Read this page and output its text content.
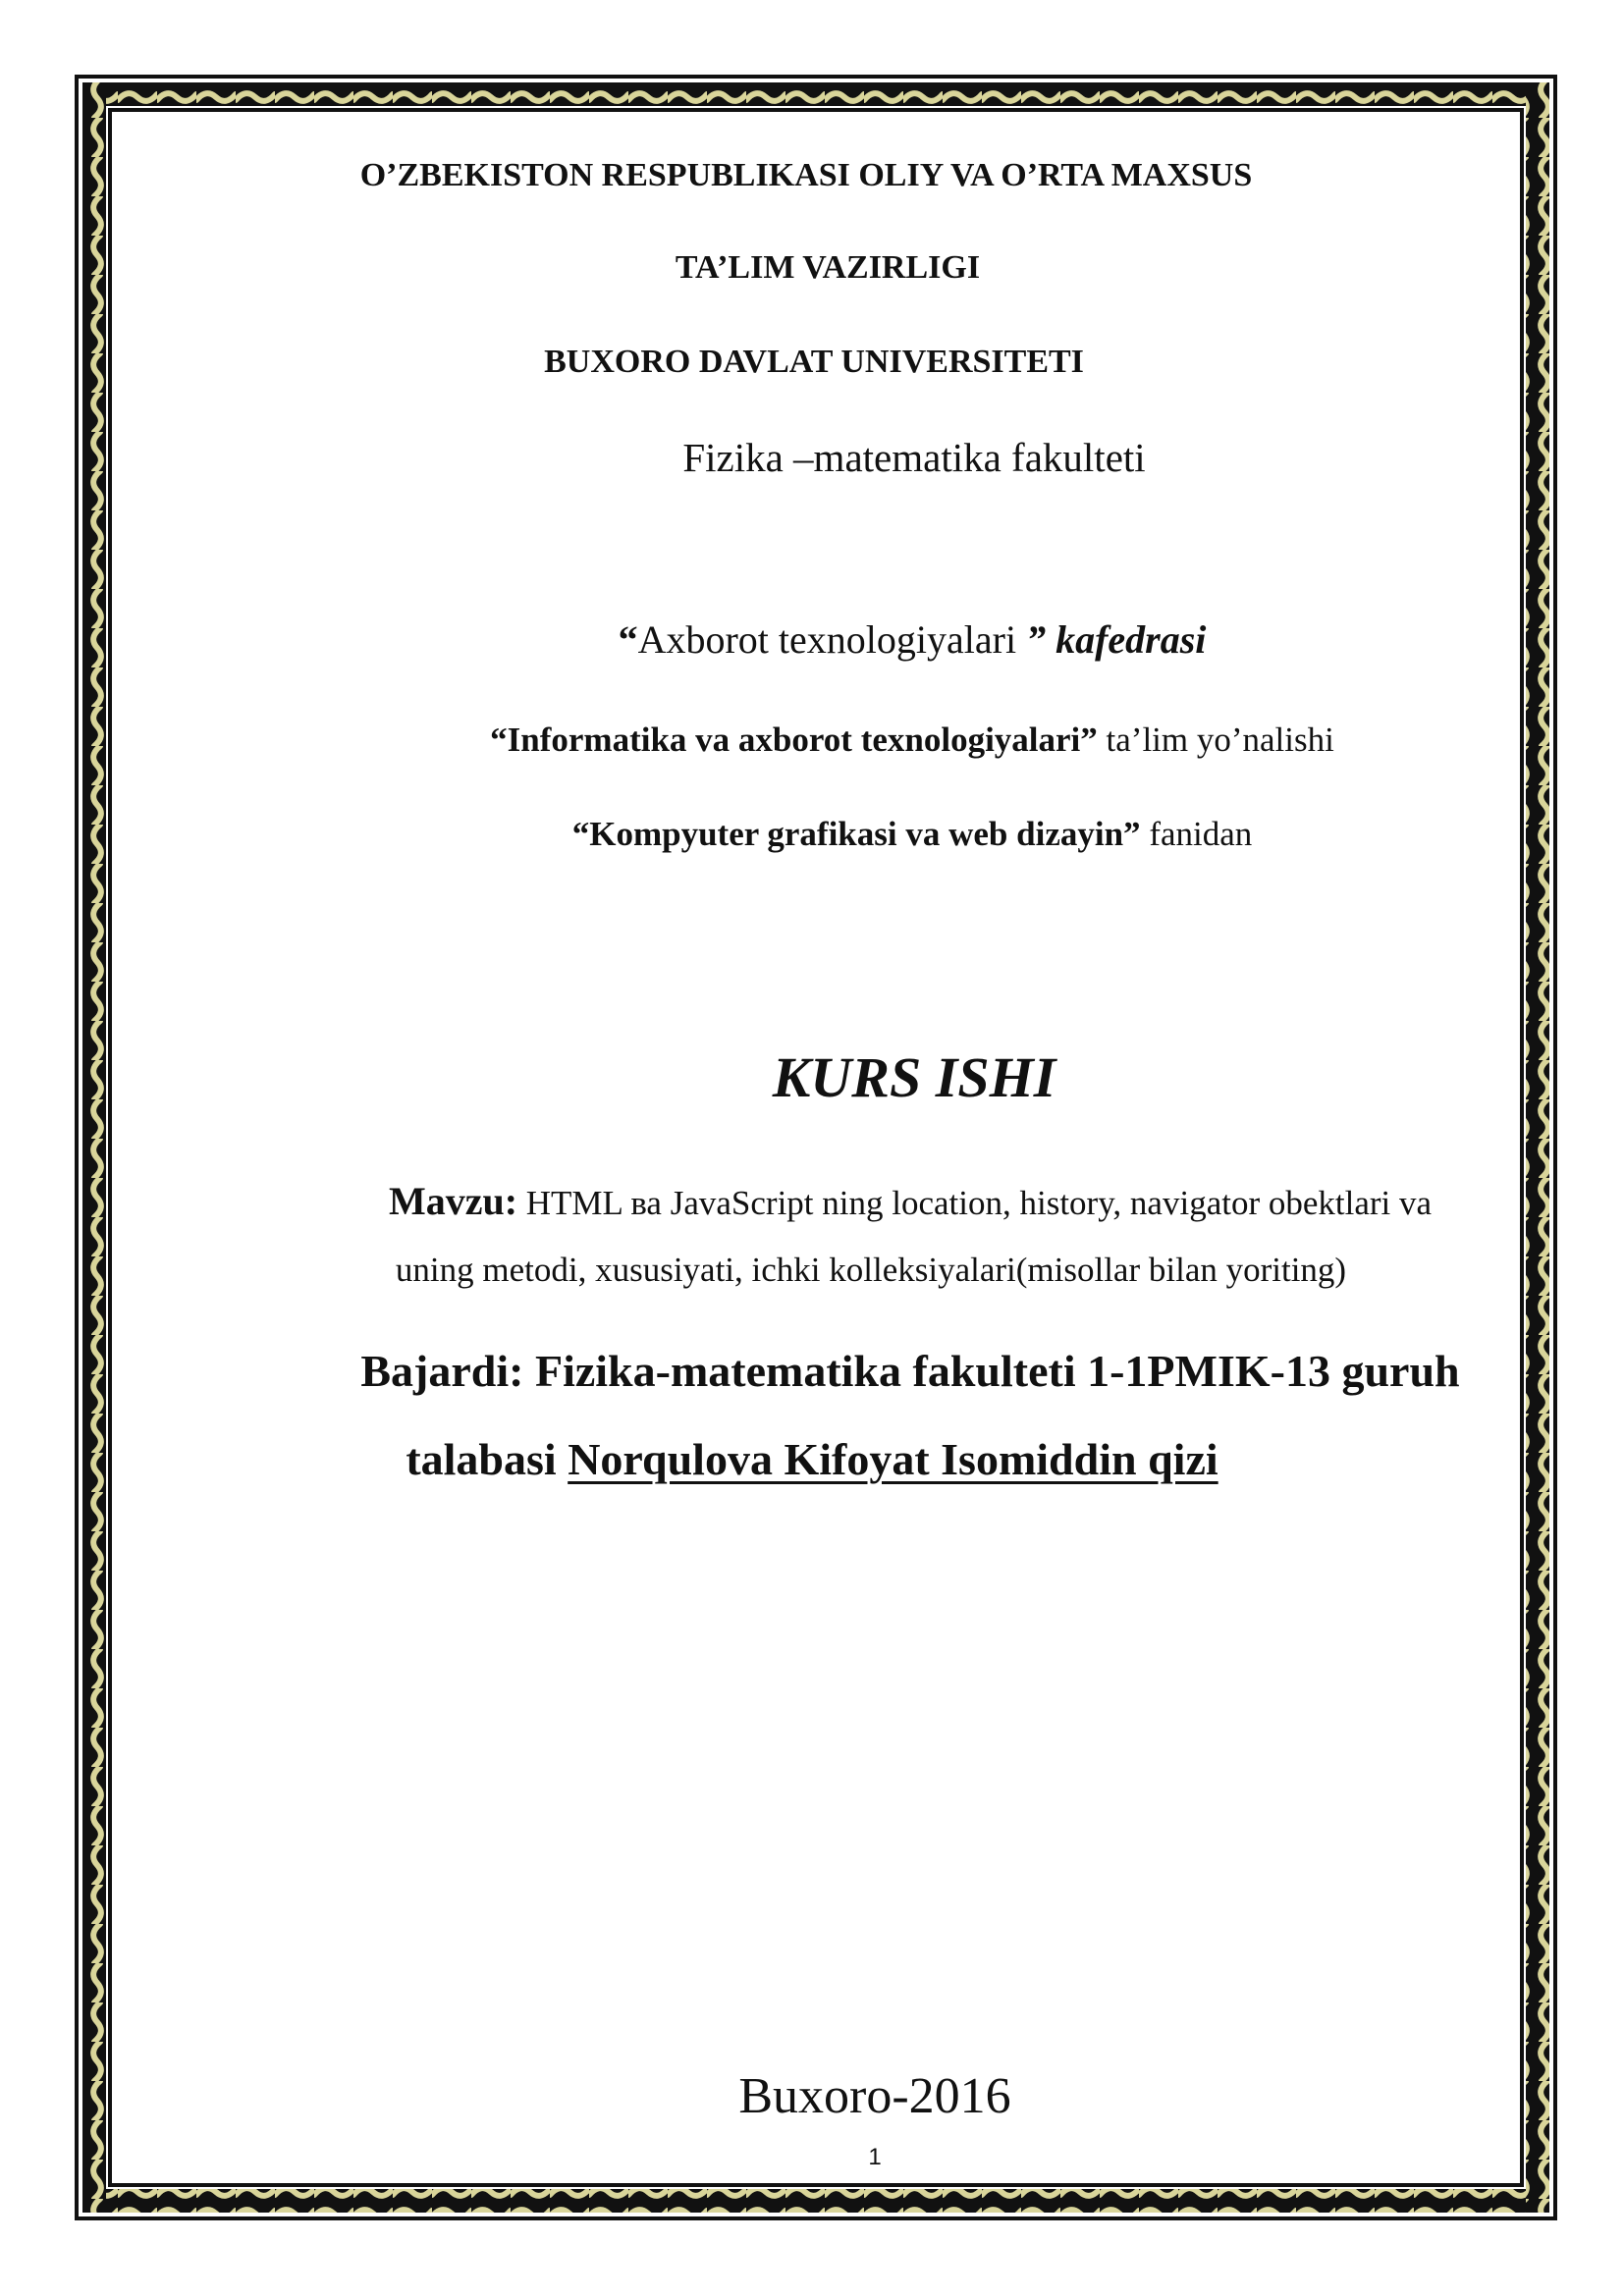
O’ZBEKISTON RESPUBLIKASI OLIY VA O’RTA MAXSUS

TA’LIM VAZIRLIGI

BUXORO DAVLAT UNIVERSITETI

Fizika –matematika fakulteti

“Axborot texnologiyalari ” kafedrasi

“Informatika va axborot texnologiyalari” ta’lim yo’nalishi

“Kompyuter grafikasi va web dizayin” fanidan

KURS ISHI

Mavzu: HTML ва JavaScript ning location, history, navigator obektlari va

uning metodi, xususiyati, ichki kolleksiyalari(misollar bilan yoriting)

Bajardi: Fizika-matematika fakulteti 1-1PMIK-13 guruh

talabasi Norqulova Kifoyat Isomiddin qizi

Buxoro-2016

1
